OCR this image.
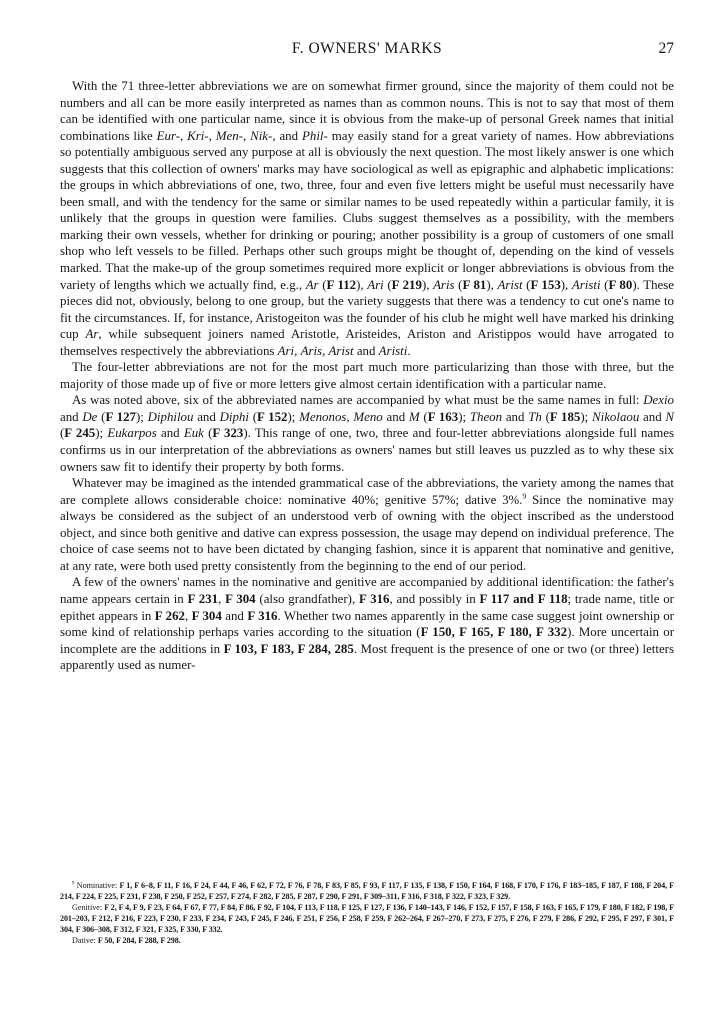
F. OWNERS' MARKS	27

With the 71 three-letter abbreviations we are on somewhat firmer ground, since the majority of them could not be numbers and all can be more easily interpreted as names than as common nouns. This is not to say that most of them can be identified with one particular name, since it is obvious from the make-up of personal Greek names that initial combinations like Eur-, Kri-, Men-, Nik-, and Phil- may easily stand for a great variety of names. How abbreviations so potentially ambiguous served any purpose at all is obviously the next question. The most likely answer is one which suggests that this collection of owners' marks may have sociological as well as epigraphic and alphabetic implications: the groups in which abbreviations of one, two, three, four and even five letters might be useful must necessarily have been small, and with the tendency for the same or similar names to be used repeatedly within a particular family, it is unlikely that the groups in question were families. Clubs suggest themselves as a possibility, with the members marking their own vessels, whether for drinking or pouring; another possibility is a group of customers of one small shop who left vessels to be filled. Perhaps other such groups might be thought of, depending on the kind of vessels marked. That the make-up of the group sometimes required more explicit or longer abbreviations is obvious from the variety of lengths which we actually find, e.g., Ar (F 112), Ari (F 219), Aris (F 81), Arist (F 153), Aristi (F 80). These pieces did not, obviously, belong to one group, but the variety suggests that there was a tendency to cut one's name to fit the circumstances. If, for instance, Aristogeiton was the founder of his club he might well have marked his drinking cup Ar, while subsequent joiners named Aristotle, Aristeides, Ariston and Aristippos would have arrogated to themselves respectively the abbreviations Ari, Aris, Arist and Aristi.

The four-letter abbreviations are not for the most part much more particularizing than those with three, but the majority of those made up of five or more letters give almost certain identification with a particular name.

As was noted above, six of the abbreviated names are accompanied by what must be the same names in full: Dexio and De (F 127); Diphilou and Diphi (F 152); Menonos, Meno and M (F 163); Theon and Th (F 185); Nikolaou and N (F 245); Eukarpos and Euk (F 323). This range of one, two, three and four-letter abbreviations alongside full names confirms us in our interpretation of the abbreviations as owners' names but still leaves us puzzled as to why these six owners saw fit to identify their property by both forms.

Whatever may be imagined as the intended grammatical case of the abbreviations, the variety among the names that are complete allows considerable choice: nominative 40%; genitive 57%; dative 3%.$^9$ Since the nominative may always be considered as the subject of an understood verb of owning with the object inscribed as the understood object, and since both genitive and dative can express possession, the usage may depend on individual preference. The choice of case seems not to have been dictated by changing fashion, since it is apparent that nominative and genitive, at any rate, were both used pretty consistently from the beginning to the end of our period.

A few of the owners' names in the nominative and genitive are accompanied by additional identification: the father's name appears certain in F 231, F 304 (also grandfather), F 316, and possibly in F 117 and F 118; trade name, title or epithet appears in F 262, F 304 and F 316. Whether two names apparently in the same case suggest joint ownership or some kind of relationship perhaps varies according to the situation (F 150, F 165, F 180, F 332). More uncertain or incomplete are the additions in F 103, F 183, F 284, 285. Most frequent is the presence of one or two (or three) letters apparently used as numer-

$^9$ Nominative: F 1, F 6–8, F 11, F 16, F 24, F 44, F 46, F 62, F 72, F 76, F 78, F 83, F 85, F 93, F 117, F 135, F 138, F 150, F 164, F 168, F 170, F 176, F 183–185, F 187, F 188, F 204, F 214, F 224, F 225, F 231, F 238, F 250, F 252, F 257, F 274, F 282, F 285, F 287, F 290, F 291, F 309–311, F 316, F 318, F 322, F 323, F 329.

Genitive: F 2, F 4, F 9, F 23, F 64, F 67, F 77, F 84, F 86, F 92, F 104, F 113, F 118, F 125, F 127, F 136, F 140–143, F 146, F 152, F 157, F 158, F 163, F 165, F 179, F 180, F 182, F 198, F 201–203, F 212, F 216, F 223, F 230, F 233, F 234, F 243, F 245, F 246, F 251, F 256, F 258, F 259, F 262–264, F 267–270, F 273, F 275, F 276, F 279, F 286, F 292, F 295, F 297, F 301, F 304, F 306–308, F 312, F 321, F 325, F 330, F 332.

Dative: F 50, F 284, F 288, F 298.
